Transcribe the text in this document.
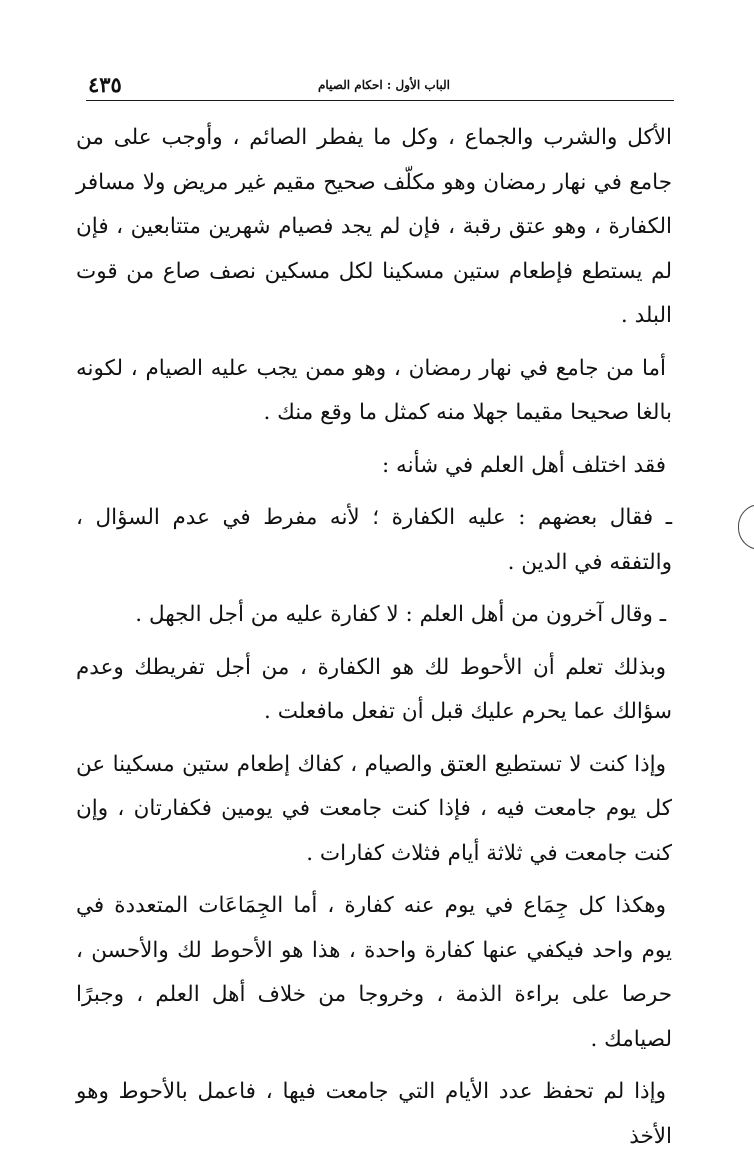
٤٣٥	الباب الأول : احكام الصيام

الأكل والشرب والجماع ، وكل ما يفطر الصائم ، وأوجب على من جامع في نهار رمضان وهو مكلّف صحيح مقيم غير مريض ولا مسافر الكفارة ، وهو عتق رقبة ، فإن لم يجد فصيام شهرين متتابعين ، فإن لم يستطع فإطعام ستين مسكينا لكل مسكين نصف صاع من قوت البلد .

أما من جامع في نهار رمضان ، وهو ممن يجب عليه الصيام ، لكونه بالغا صحيحا مقيما جهلا منه كمثل ما وقع منك .

فقد اختلف أهل العلم في شأنه :

ـ فقال بعضهم : عليه الكفارة ؛ لأنه مفرط في عدم السؤال ، والتفقه في الدين .

ـ وقال آخرون من أهل العلم : لا كفارة عليه من أجل الجهل .

وبذلك تعلم أن الأحوط لك هو الكفارة ، من أجل تفريطك وعدم سؤالك عما يحرم عليك قبل أن تفعل مافعلت .

وإذا كنت لا تستطيع العتق والصيام ، كفاك إطعام ستين مسكينا عن كل يوم جامعت فيه ، فإذا كنت جامعت في يومين فكفارتان ، وإن كنت جامعت في ثلاثة أيام فثلاث كفارات .

وهكذا كل جِمَاع في يوم عنه كفارة ، أما الجِمَاعَات المتعددة في يوم واحد فيكفي عنها كفارة واحدة ، هذا هو الأحوط لك والأحسن ، حرصا على براءة الذمة ، وخروجا من خلاف أهل العلم ، وجبرًا لصيامك .

وإذا لم تحفظ عدد الأيام التي جامعت فيها ، فاعمل بالأحوط وهو الأخذ
